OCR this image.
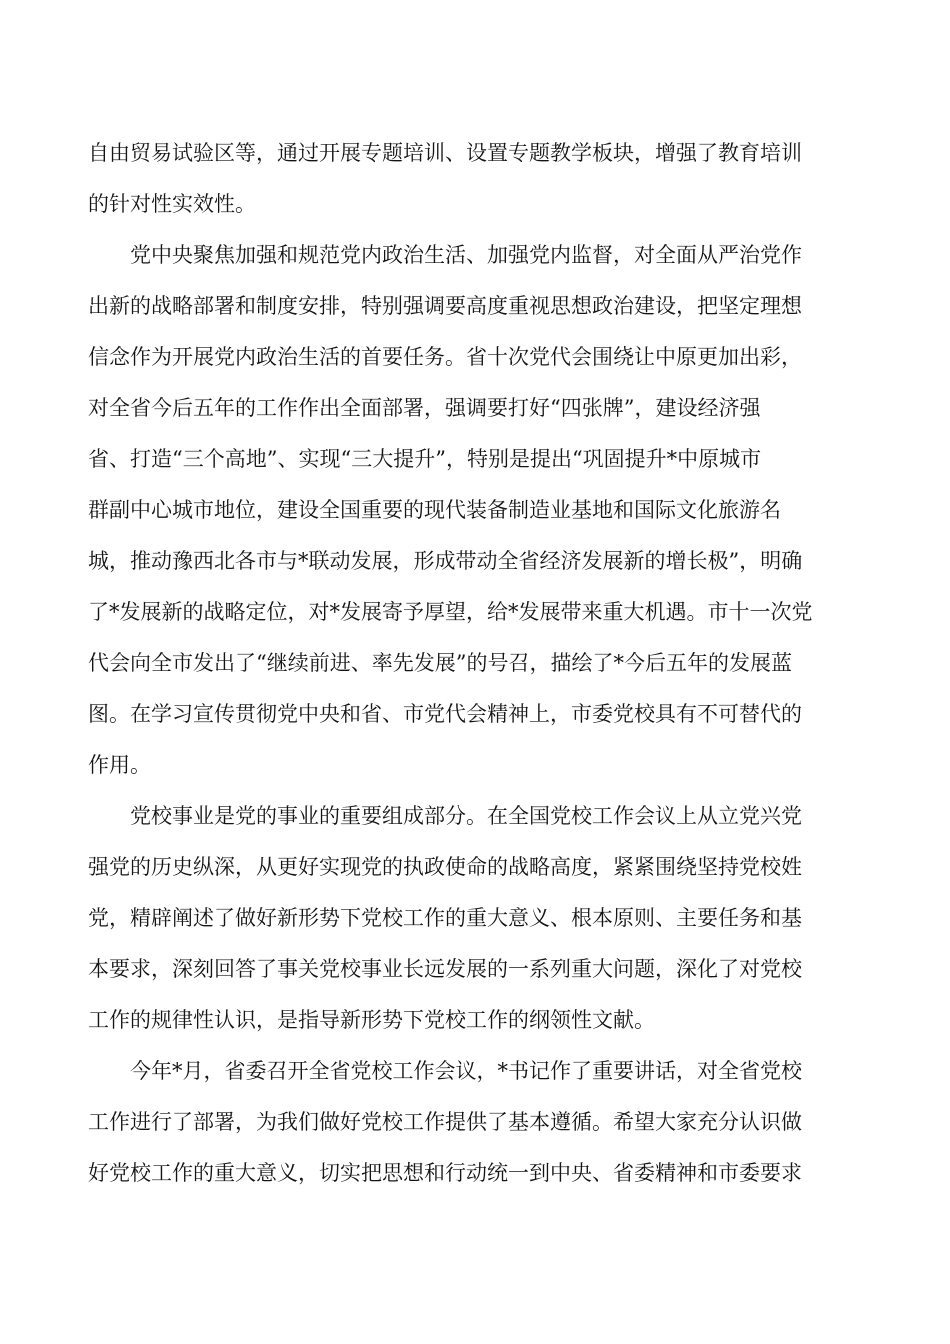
自由贸易试验区等，通过开展专题培训、设置专题教学板块，增强了教育培训
的针对性实效性。
　　党中央聚焦加强和规范党内政治生活、加强党内监督，对全面从严治党作
出新的战略部署和制度安排，特别强调要高度重视思想政治建设，把坚定理想
信念作为开展党内政治生活的首要任务。省十次党代会围绕让中原更加出彩，
对全省今后五年的工作作出全面部署，强调要打好“四张牌”，建设经济强
省、打造“三个高地”、实现“三大提升”，特别是提出“巩固提升*中原城市
群副中心城市地位，建设全国重要的现代装备制造业基地和国际文化旅游名
城，推动豫西北各市与*联动发展，形成带动全省经济发展新的增长极”，明确
了*发展新的战略定位，对*发展寄予厚望，给*发展带来重大机遇。市十一次党
代会向全市发出了“继续前进、率先发展”的号召，描绘了*今后五年的发展蓝
图。在学习宣传贯彻党中央和省、市党代会精神上，市委党校具有不可替代的
作用。
　　党校事业是党的事业的重要组成部分。在全国党校工作会议上从立党兴党
强党的历史纵深，从更好实现党的执政使命的战略高度，紧紧围绕坚持党校姓
党，精辟阐述了做好新形势下党校工作的重大意义、根本原则、主要任务和基
本要求，深刻回答了事关党校事业长远发展的一系列重大问题，深化了对党校
工作的规律性认识，是指导新形势下党校工作的纲领性文献。
　　今年*月，省委召开全省党校工作会议，*书记作了重要讲话，对全省党校
工作进行了部署，为我们做好党校工作提供了基本遵循。希望大家充分认识做
好党校工作的重大意义，切实把思想和行动统一到中央、省委精神和市委要求
